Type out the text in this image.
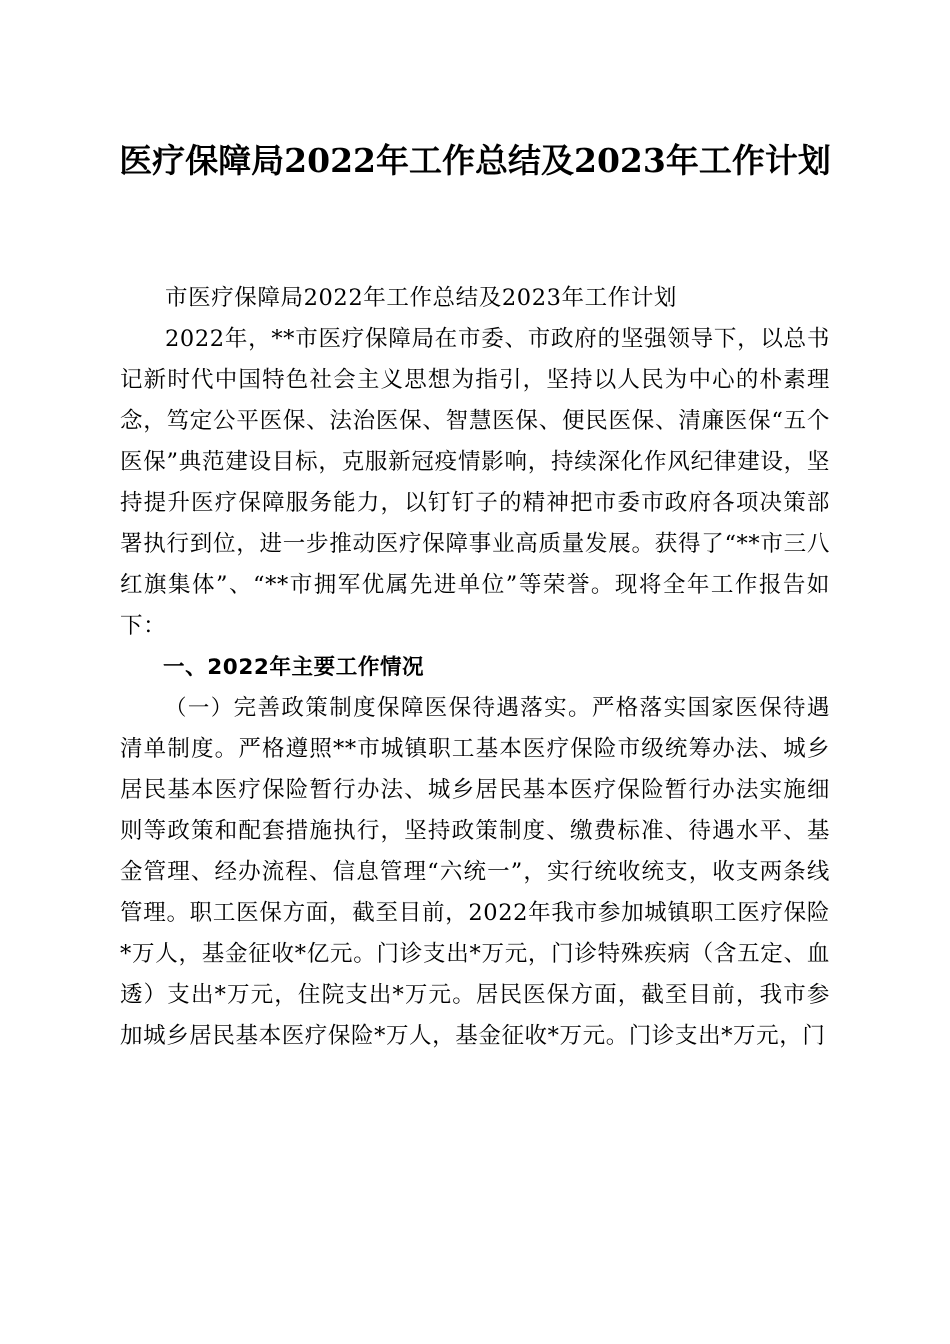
医疗保障局2022年工作总结及2023年工作计划

市医疗保障局2022年工作总结及2023年工作计划

2022年，**市医疗保障局在市委、市政府的坚强领导下，以总书记新时代中国特色社会主义思想为指引，坚持以人民为中心的朴素理念，笃定公平医保、法治医保、智慧医保、便民医保、清廉医保“五个医保”典范建设目标，克服新冠疫情影响，持续深化作风纪律建设，坚持提升医疗保障服务能力，以钉钉子的精神把市委市政府各项决策部署执行到位，进一步推动医疗保障事业高质量发展。获得了“**市三八红旗集体”、“**市拥军优属先进单位”等荣誉。现将全年工作报告如下：

一、2022年主要工作情况

（一）完善政策制度保障医保待遇落实。严格落实国家医保待遇清单制度。严格遵照**市城镇职工基本医疗保险市级统筹办法、城乡居民基本医疗保险暂行办法、城乡居民基本医疗保险暂行办法实施细则等政策和配套措施执行，坚持政策制度、缴费标准、待遇水平、基金管理、经办流程、信息管理“六统一”，实行统收统支，收支两条线管理。职工医保方面，截至目前，2022年我市参加城镇职工医疗保险*万人，基金征收*亿元。门诊支出*万元，门诊特殊疾病（含五定、血透）支出*万元，住院支出*万元。居民医保方面，截至目前，我市参加城乡居民基本医疗保险*万人，基金征收*万元。门诊支出*万元，门
